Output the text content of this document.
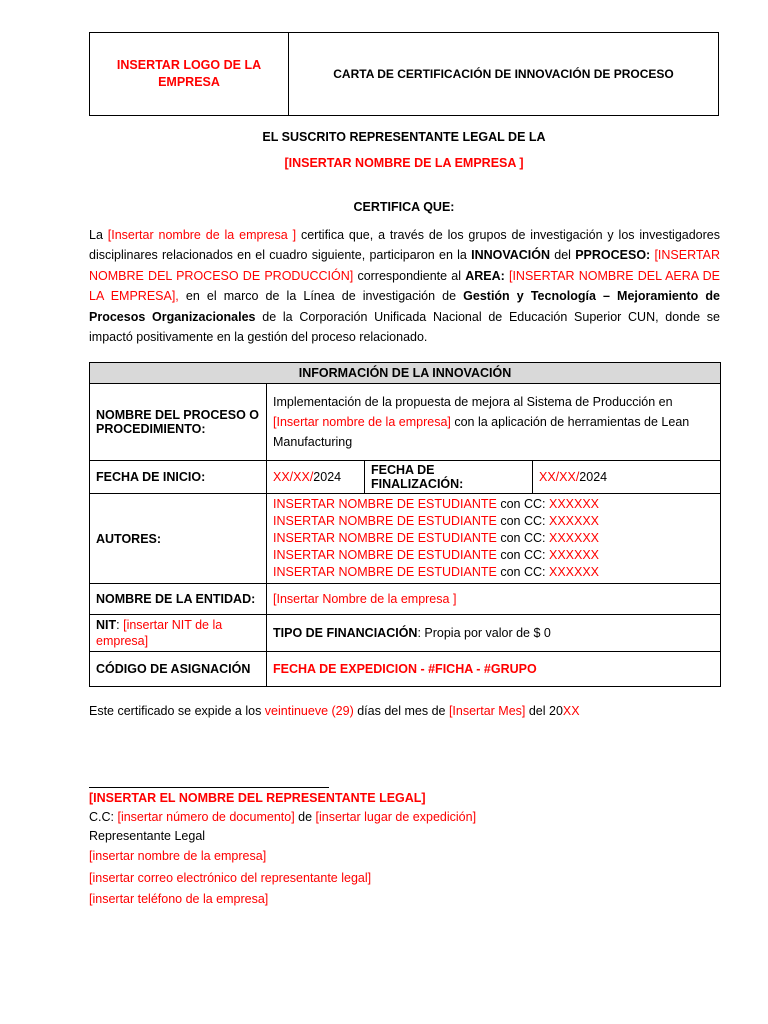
INSERTAR LOGO DE LA EMPRESA
CARTA DE CERTIFICACIÓN DE INNOVACIÓN DE PROCESO
EL SUSCRITO REPRESENTANTE LEGAL DE LA
[INSERTAR NOMBRE DE LA EMPRESA ]
CERTIFICA QUE:
La [Insertar nombre de la empresa ] certifica que, a través de los grupos de investigación y los investigadores disciplinares relacionados en el cuadro siguiente, participaron en la INNOVACIÓN del PPROCESO: [INSERTAR NOMBRE DEL PROCESO DE PRODUCCIÓN] correspondiente al AREA: [INSERTAR NOMBRE DEL AERA DE LA EMPRESA], en el marco de la Línea de investigación de Gestión y Tecnología – Mejoramiento de Procesos Organizacionales de la Corporación Unificada Nacional de Educación Superior CUN, donde se impactó positivamente en la gestión del proceso relacionado.
INFORMACIÓN DE LA INNOVACIÓN			
NOMBRE DEL PROCESO O PROCEDIMIENTO:	Implementación de la propuesta de mejora al Sistema de Producción en [Insertar nombre de la empresa] con la aplicación de herramientas de Lean Manufacturing		
FECHA DE INICIO:	XX/XX/2024	FECHA DE FINALIZACIÓN:	XX/XX/2024
AUTORES:	INSERTAR NOMBRE DE ESTUDIANTE con CC: XXXXXX
INSERTAR NOMBRE DE ESTUDIANTE con CC: XXXXXX
INSERTAR NOMBRE DE ESTUDIANTE con CC: XXXXXX
INSERTAR NOMBRE DE ESTUDIANTE con CC: XXXXXX
INSERTAR NOMBRE DE ESTUDIANTE con CC: XXXXXX		

NOMBRE DE LA ENTIDAD:	[Insertar Nombre de la empresa ]		
NIT: [insertar NIT de la empresa]	TIPO DE FINANCIACIÓN: Propia por valor de $ 0		
CÓDIGO DE ASIGNACIÓN	FECHA DE EXPEDICION - #FICHA - #GRUPO		
Este certificado se expide a los veintinueve (29) días del mes de [Insertar Mes] del 20XX
[INSERTAR EL NOMBRE DEL REPRESENTANTE LEGAL]
C.C: [insertar número de documento] de [insertar lugar de expedición]
Representante Legal
[insertar nombre de la empresa]
[insertar correo electrónico del representante legal]
[insertar teléfono de la empresa]
